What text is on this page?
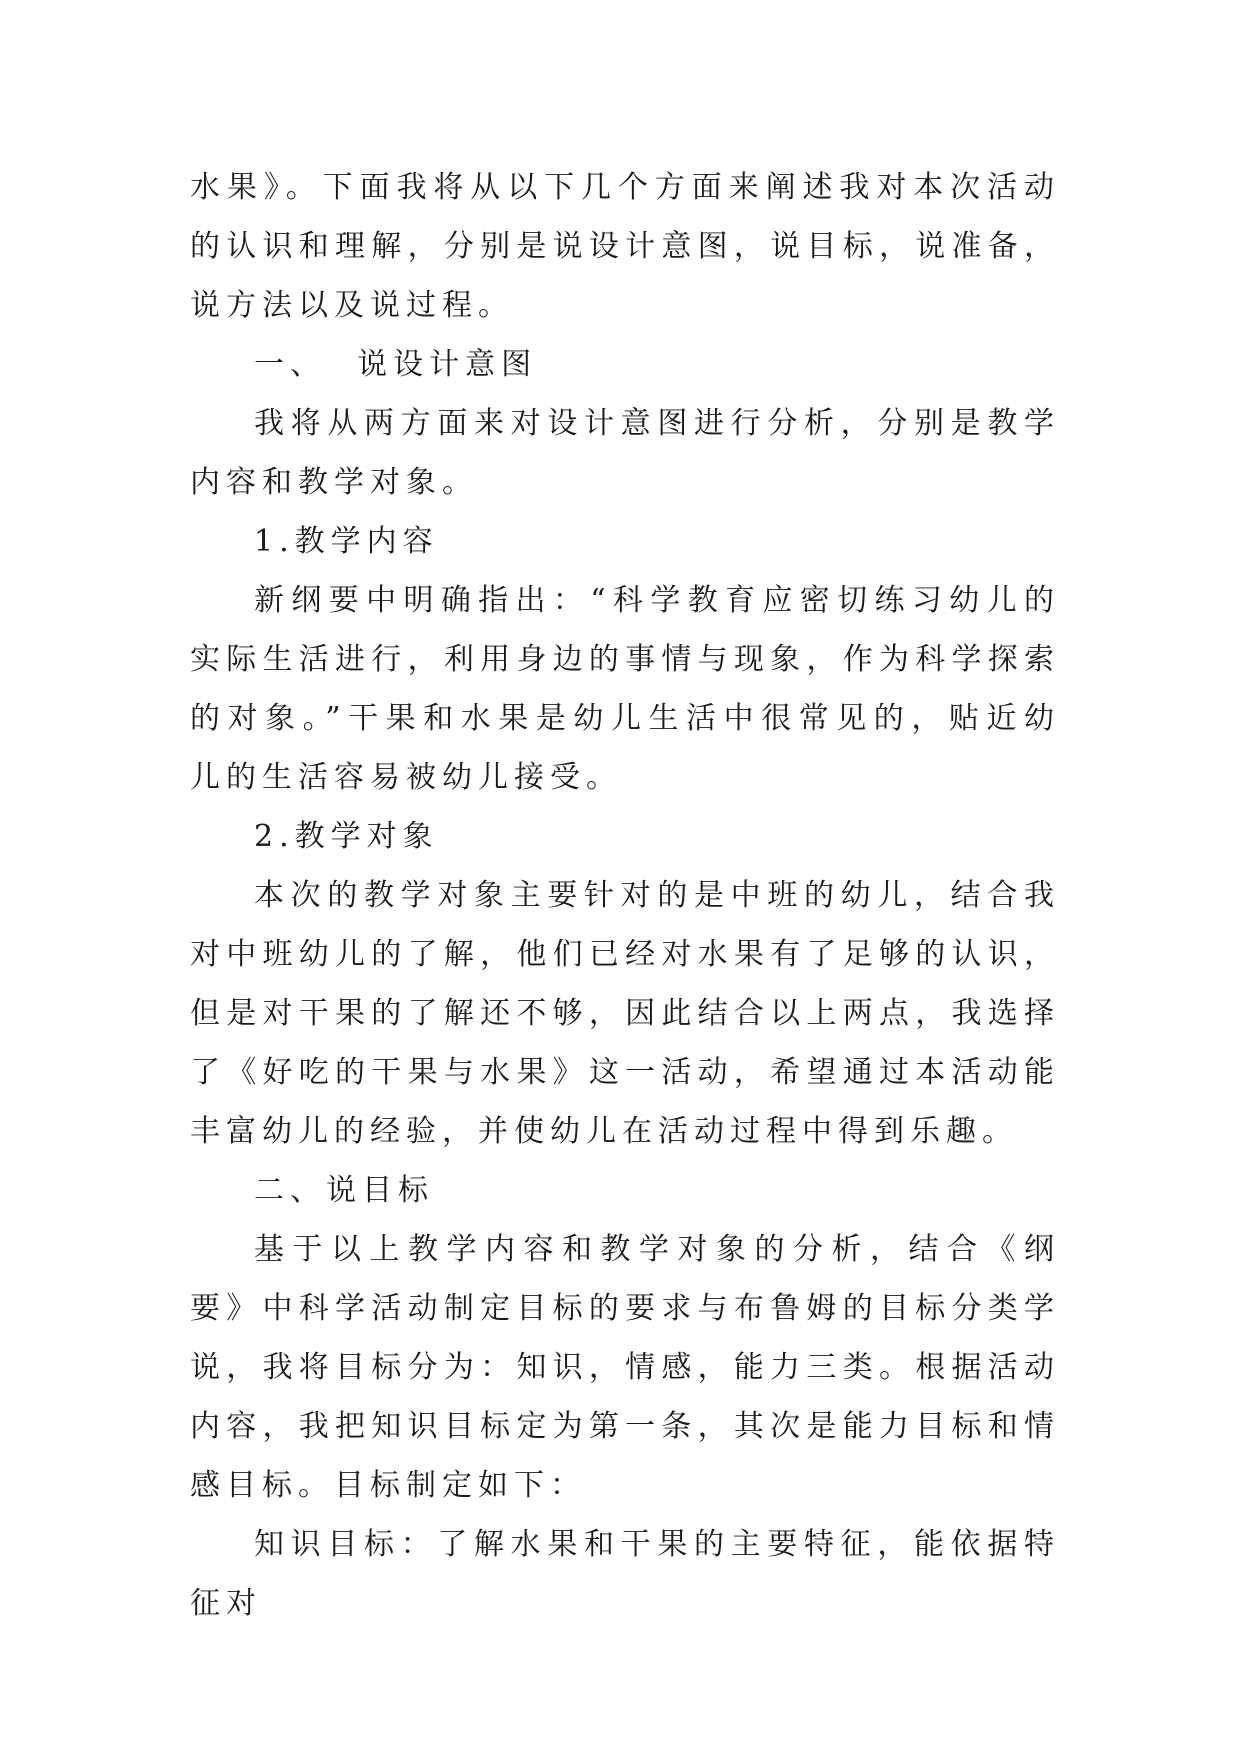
水果》。下面我将从以下几个方面来阐述我对本次活动的认识和理解，分别是说设计意图，说目标，说准备，说方法以及说过程。

一、  说设计意图

我将从两方面来对设计意图进行分析，分别是教学内容和教学对象。

1.教学内容

新纲要中明确指出：“科学教育应密切练习幼儿的实际生活进行，利用身边的事情与现象，作为科学探索的对象。”干果和水果是幼儿生活中很常见的，贴近幼儿的生活容易被幼儿接受。

2.教学对象

本次的教学对象主要针对的是中班的幼儿，结合我对中班幼儿的了解，他们已经对水果有了足够的认识，但是对干果的了解还不够，因此结合以上两点，我选择了《好吃的干果与水果》这一活动，希望通过本活动能丰富幼儿的经验，并使幼儿在活动过程中得到乐趣。

二、说目标

基于以上教学内容和教学对象的分析，结合《纲要》中科学活动制定目标的要求与布鲁姆的目标分类学说，我将目标分为：知识，情感，能力三类。根据活动内容，我把知识目标定为第一条，其次是能力目标和情感目标。目标制定如下：

知识目标：了解水果和干果的主要特征，能依据特征对
